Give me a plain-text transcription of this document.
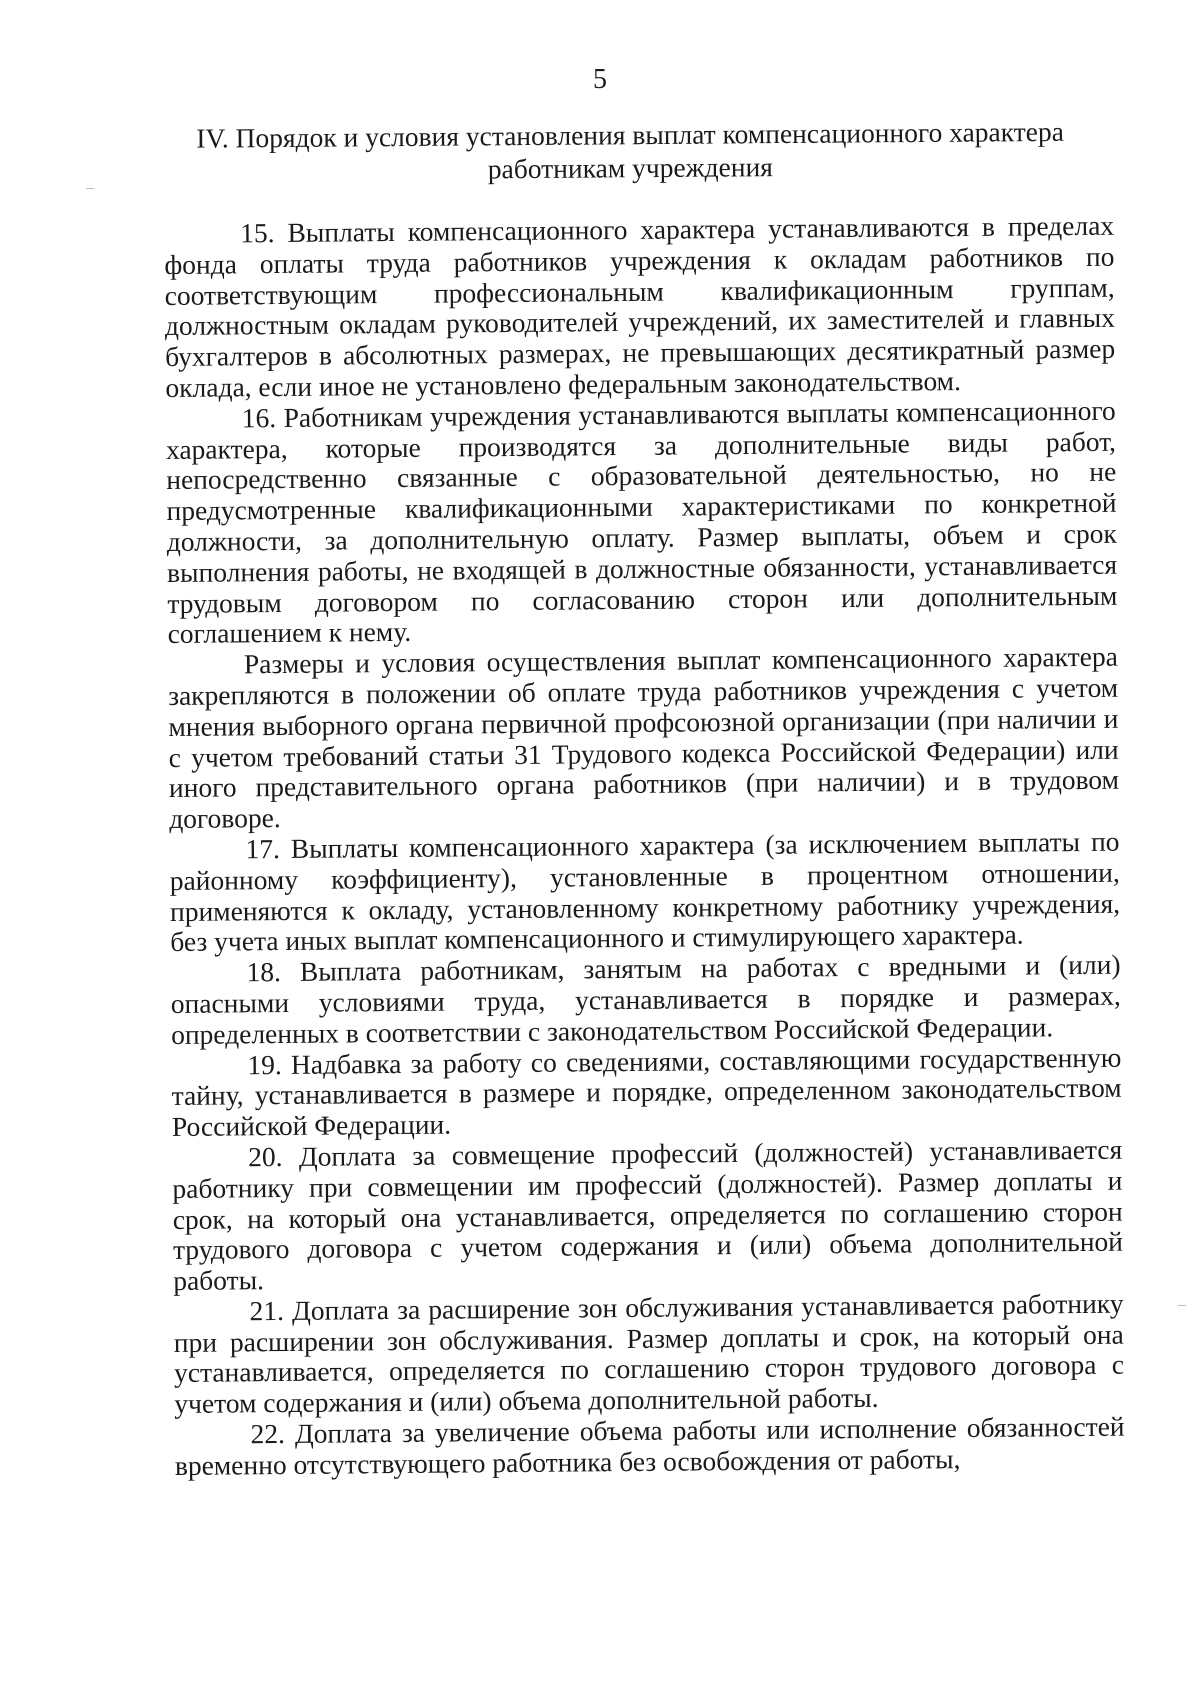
5
IV. Порядок и условия установления выплат компенсационного характера
работникам учреждения

15. Выплаты компенсационного характера устанавливаются в пределах фонда оплаты труда работников учреждения к окладам работников по соответствующим профессиональным квалификационным группам, должностным окладам руководителей учреждений, их заместителей и главных бухгалтеров в абсолютных размерах, не превышающих десятикратный размер оклада, если иное не установлено федеральным законодательством.

16. Работникам учреждения устанавливаются выплаты компенсационного характера, которые производятся за дополнительные виды работ, непосредственно связанные с образовательной деятельностью, но не предусмотренные квалификационными характеристиками по конкретной должности, за дополнительную оплату. Размер выплаты, объем и срок выполнения работы, не входящей в должностные обязанности, устанавливается трудовым договором по согласованию сторон или дополнительным соглашением к нему.

Размеры и условия осуществления выплат компенсационного характера закрепляются в положении об оплате труда работников учреждения с учетом мнения выборного органа первичной профсоюзной организации (при наличии и с учетом требований статьи 31 Трудового кодекса Российской Федерации) или иного представительного органа работников (при наличии) и в трудовом договоре.

17. Выплаты компенсационного характера (за исключением выплаты по районному коэффициенту), установленные в процентном отношении, применяются к окладу, установленному конкретному работнику учреждения, без учета иных выплат компенсационного и стимулирующего характера.

18. Выплата работникам, занятым на работах с вредными и (или) опасными условиями труда, устанавливается в порядке и размерах, определенных в соответствии с законодательством Российской Федерации.

19. Надбавка за работу со сведениями, составляющими государственную тайну, устанавливается в размере и порядке, определенном законодательством Российской Федерации.

20. Доплата за совмещение профессий (должностей) устанавливается работнику при совмещении им профессий (должностей). Размер доплаты и срок, на который она устанавливается, определяется по соглашению сторон трудового договора с учетом содержания и (или) объема дополнительной работы.

21. Доплата за расширение зон обслуживания устанавливается работнику при расширении зон обслуживания. Размер доплаты и срок, на который она устанавливается, определяется по соглашению сторон трудового договора с учетом содержания и (или) объема дополнительной работы.

22. Доплата за увеличение объема работы или исполнение обязанностей временно отсутствующего работника без освобождения от работы,
